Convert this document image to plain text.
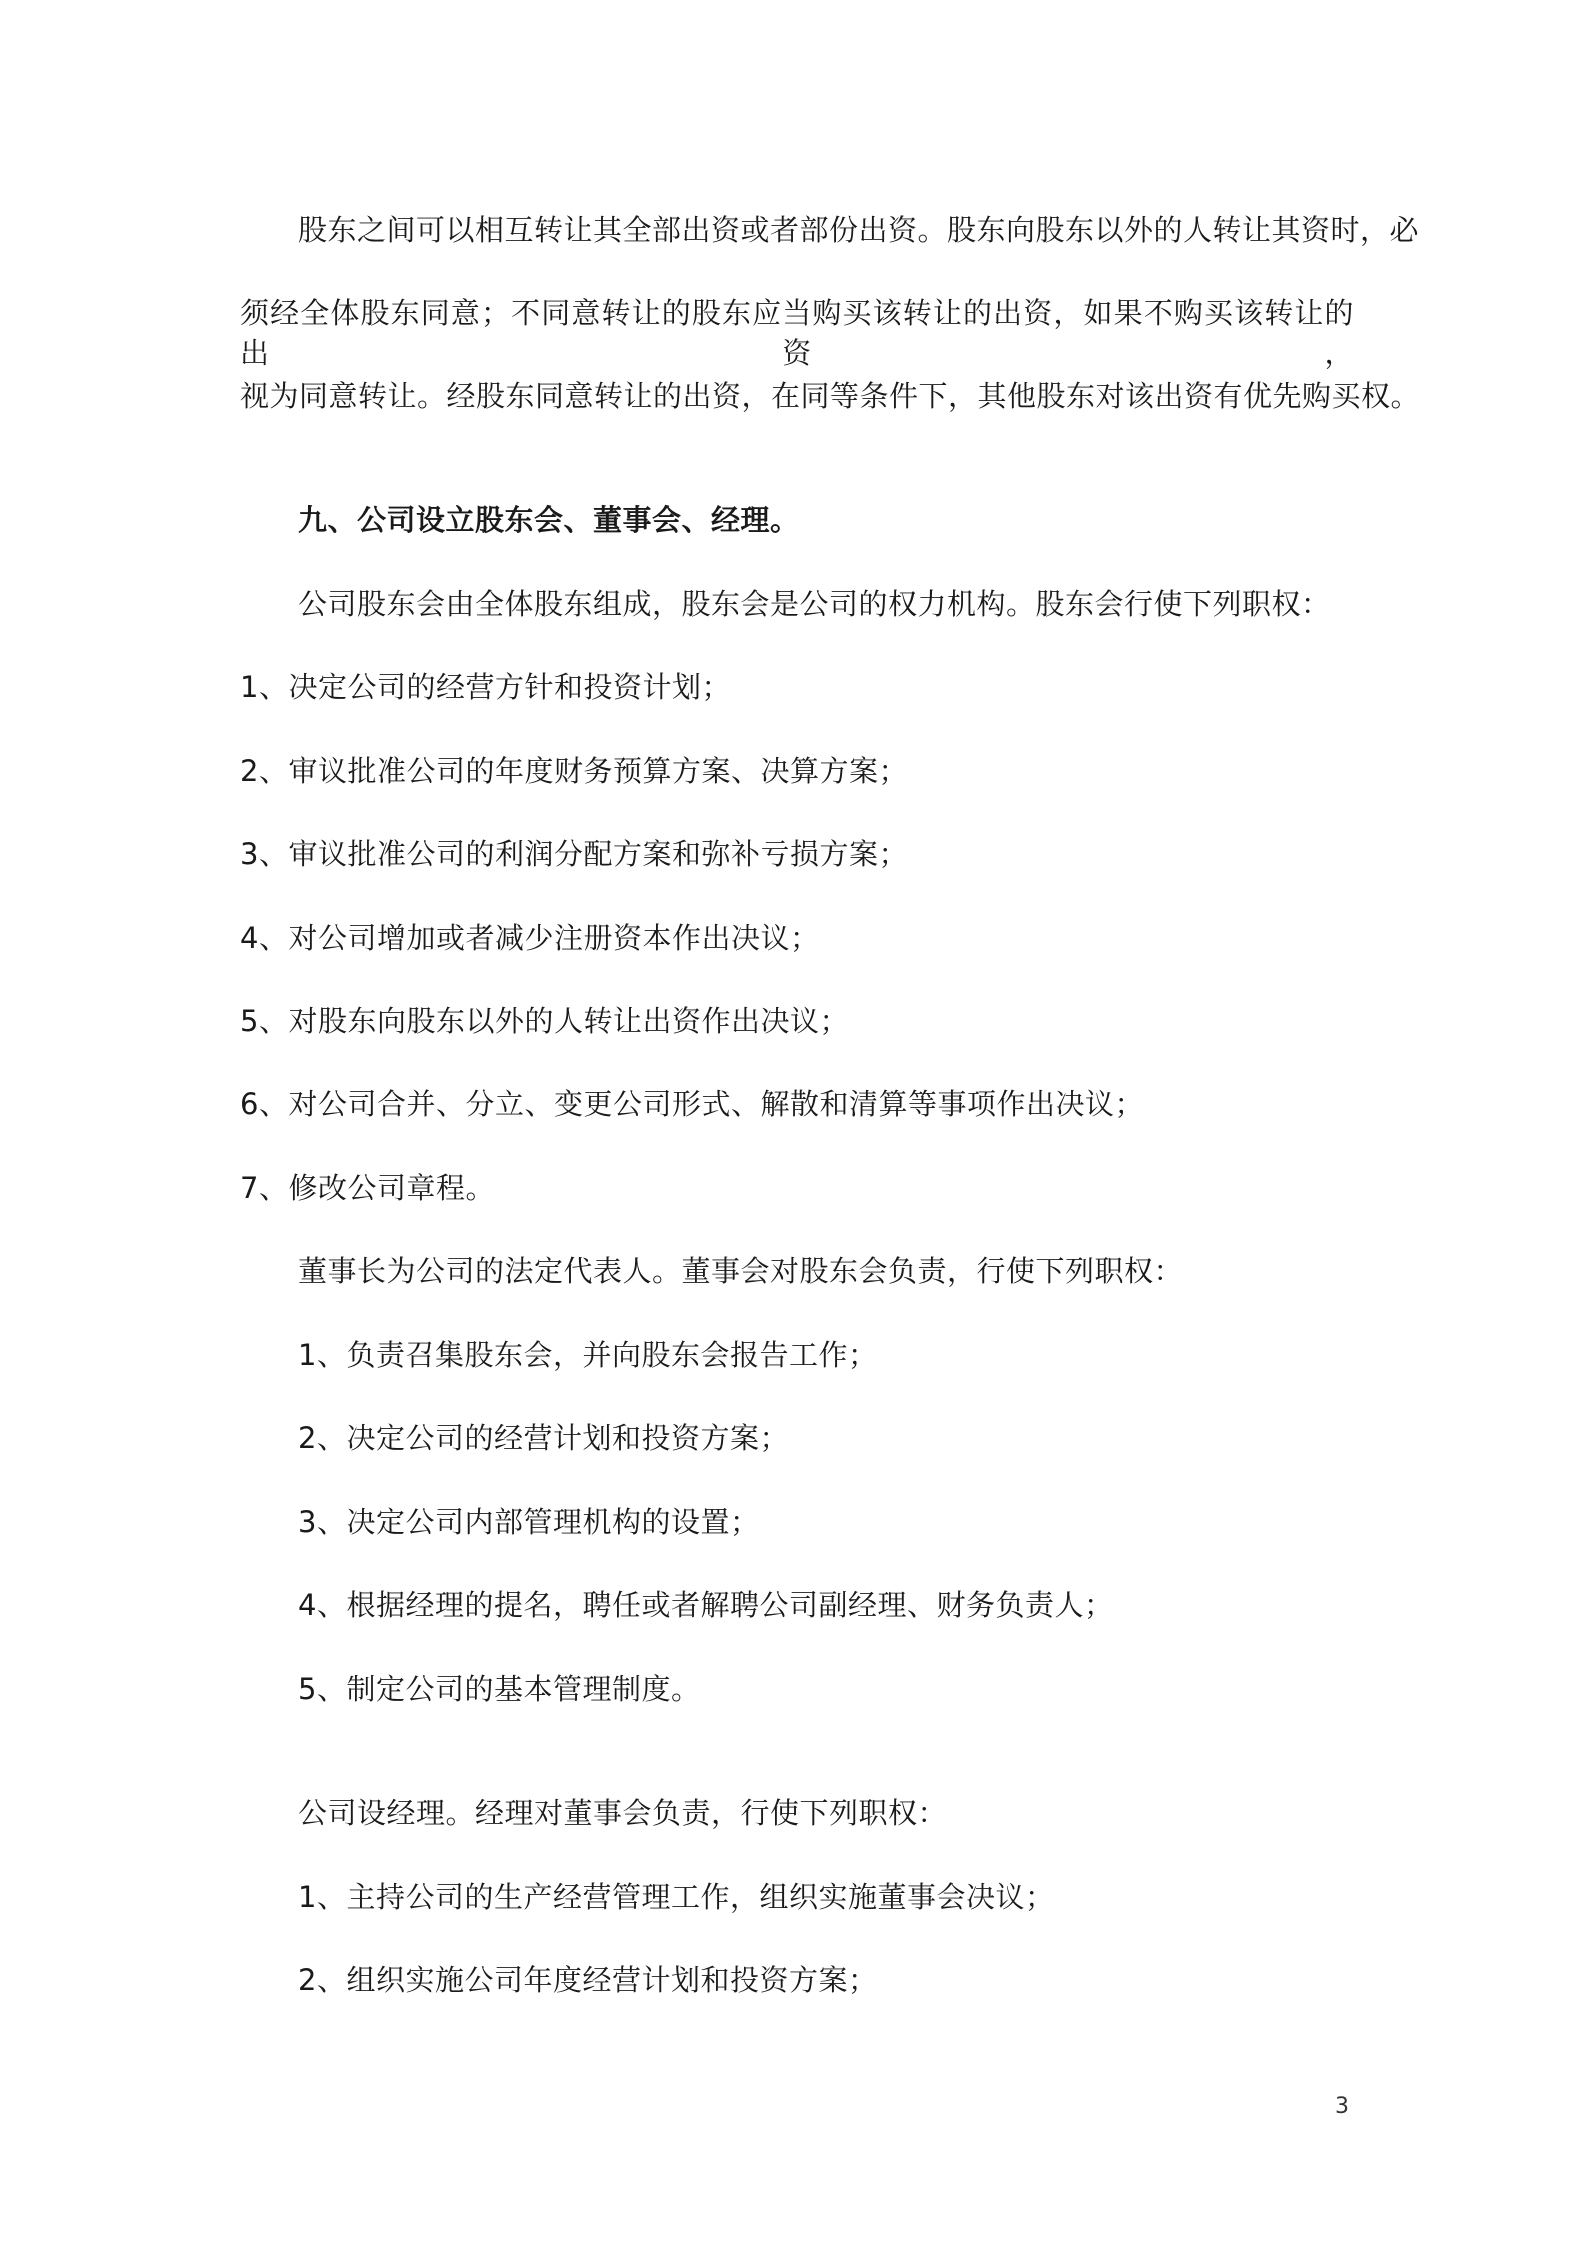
股东之间可以相互转让其全部出资或者部份出资。股东向股东以外的人转让其资时，必
须经全体股东同意；不同意转让的股东应当购买该转让的出资，如果不购买该转让的出资，
视为同意转让。经股东同意转让的出资，在同等条件下，其他股东对该出资有优先购买权。
九、公司设立股东会、董事会、经理。
公司股东会由全体股东组成，股东会是公司的权力机构。股东会行使下列职权：
1、决定公司的经营方针和投资计划；
2、审议批准公司的年度财务预算方案、决算方案；
3、审议批准公司的利润分配方案和弥补亏损方案；
4、对公司增加或者减少注册资本作出决议；
5、对股东向股东以外的人转让出资作出决议；
6、对公司合并、分立、变更公司形式、解散和清算等事项作出决议；
7、修改公司章程。
董事长为公司的法定代表人。董事会对股东会负责，行使下列职权：
1、负责召集股东会，并向股东会报告工作；
2、决定公司的经营计划和投资方案；
3、决定公司内部管理机构的设置；
4、根据经理的提名，聘任或者解聘公司副经理、财务负责人；
5、制定公司的基本管理制度。
公司设经理。经理对董事会负责，行使下列职权：
1、主持公司的生产经营管理工作，组织实施董事会决议；
2、组织实施公司年度经营计划和投资方案；
3
